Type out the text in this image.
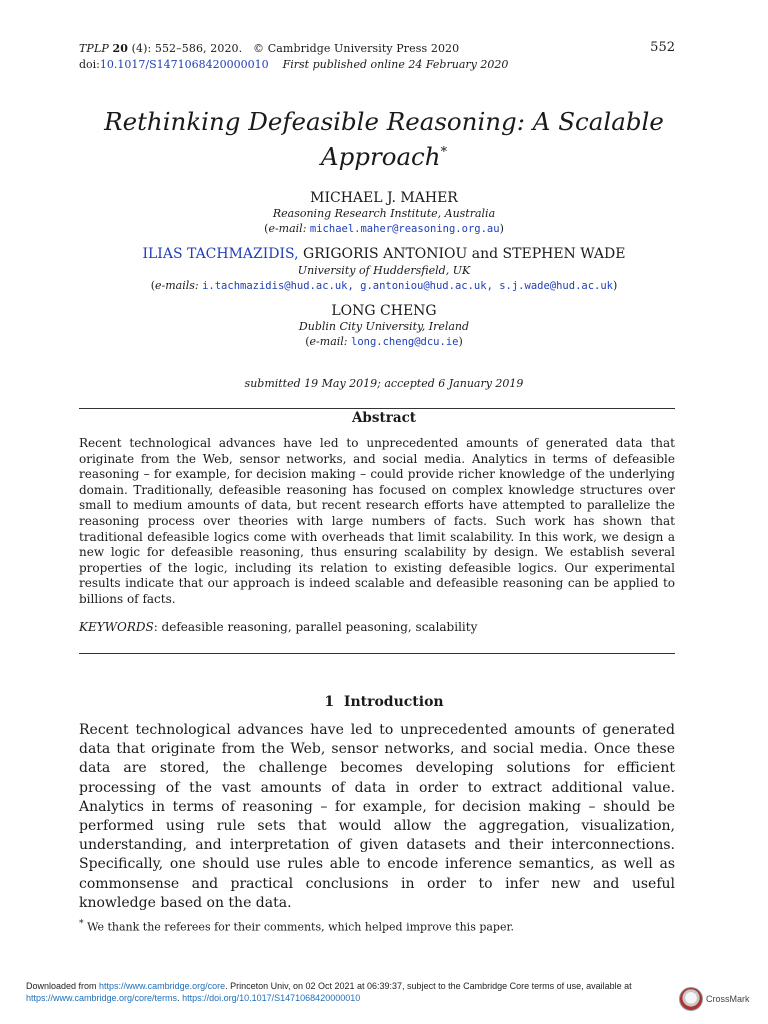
TPLP 20 (4): 552–586, 2020. © Cambridge University Press 2020
doi:10.1017/S1471068420000010 First published online 24 February 2020
552
Rethinking Defeasible Reasoning: A Scalable
Approach*
MICHAEL J. MAHER
Reasoning Research Institute, Australia
(e-mail: michael.maher@reasoning.org.au)
ILIAS TACHMAZIDIS, GRIGORIS ANTONIOU and STEPHEN WADE
University of Huddersfield, UK
(e-mails: i.tachmazidis@hud.ac.uk, g.antoniou@hud.ac.uk, s.j.wade@hud.ac.uk)
LONG CHENG
Dublin City University, Ireland
(e-mail: long.cheng@dcu.ie)
submitted 19 May 2019; accepted 6 January 2019
Abstract
Recent technological advances have led to unprecedented amounts of generated data that originate from the Web, sensor networks, and social media. Analytics in terms of defeasible reasoning – for example, for decision making – could provide richer knowledge of the underlying domain. Traditionally, defeasible reasoning has focused on complex knowledge structures over small to medium amounts of data, but recent research efforts have attempted to parallelize the reasoning process over theories with large numbers of facts. Such work has shown that traditional defeasible logics come with overheads that limit scalability. In this work, we design a new logic for defeasible reasoning, thus ensuring scalability by design. We establish several properties of the logic, including its relation to existing defeasible logics. Our experimental results indicate that our approach is indeed scalable and defeasible reasoning can be applied to billions of facts.
KEYWORDS: defeasible reasoning, parallel peasoning, scalability
1 Introduction
Recent technological advances have led to unprecedented amounts of generated data that originate from the Web, sensor networks, and social media. Once these data are stored, the challenge becomes developing solutions for efficient processing of the vast amounts of data in order to extract additional value. Analytics in terms of reasoning – for example, for decision making – should be performed using rule sets that would allow the aggregation, visualization, understanding, and interpretation of given datasets and their interconnections. Specifically, one should use rules able to encode inference semantics, as well as commonsense and practical conclusions in order to infer new and useful knowledge based on the data.
* We thank the referees for their comments, which helped improve this paper.
Downloaded from https://www.cambridge.org/core. Princeton Univ, on 02 Oct 2021 at 06:39:37, subject to the Cambridge Core terms of use, available at https://www.cambridge.org/core/terms. https://doi.org/10.1017/S1471068420000010	CrossMark
